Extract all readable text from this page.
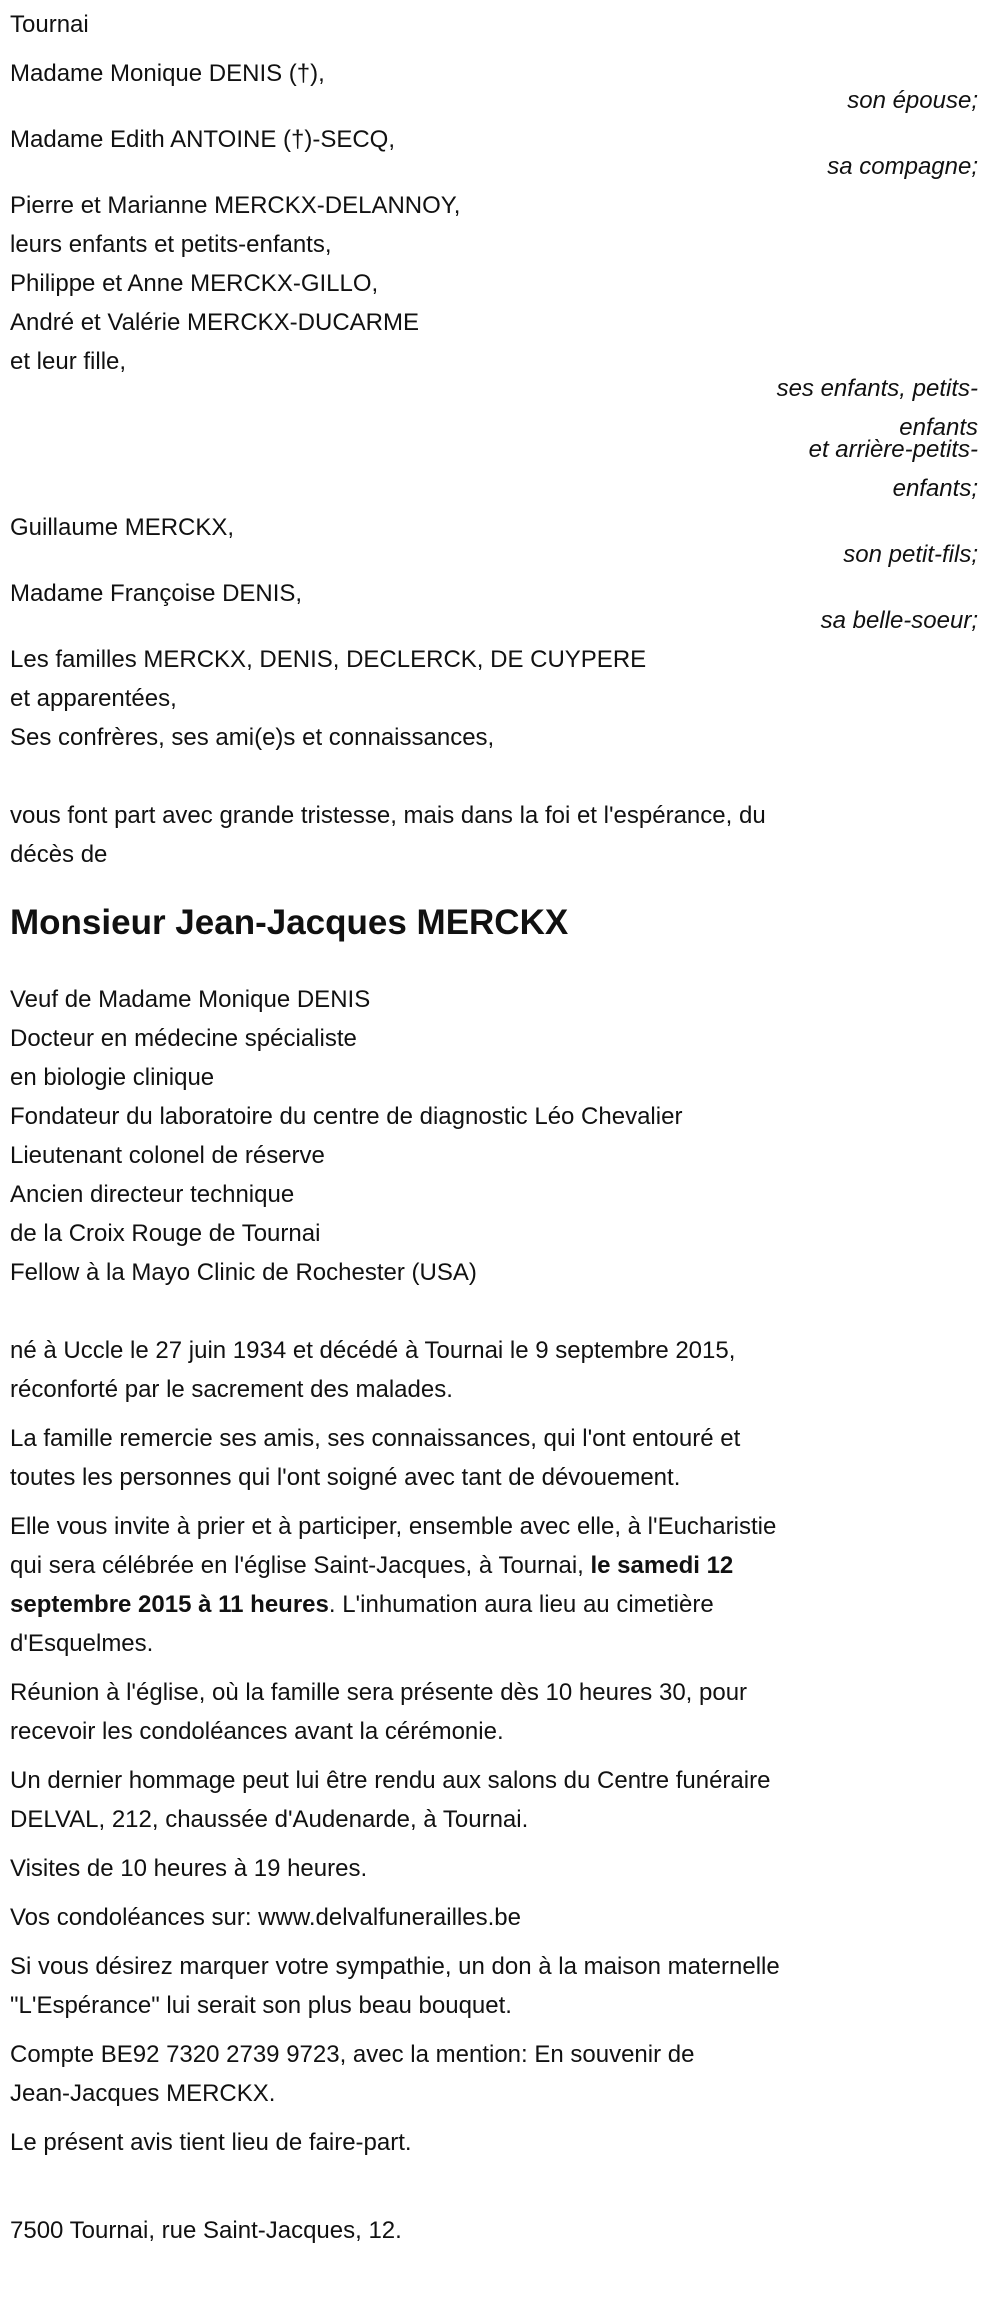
Tournai
Madame Monique DENIS (†),
son épouse;
Madame Edith ANTOINE (†)-SECQ,
sa compagne;
Pierre et Marianne MERCKX-DELANNOY,
leurs enfants et petits-enfants,
Philippe et Anne MERCKX-GILLO,
André et Valérie MERCKX-DUCARME
et leur fille,
ses enfants, petits-
enfants
et arrière-petits-
enfants;
Guillaume MERCKX,
son petit-fils;
Madame Françoise DENIS,
sa belle-soeur;
Les familles MERCKX, DENIS, DECLERCK, DE CUYPERE
et apparentées,
Ses confrères, ses ami(e)s et connaissances,
vous font part avec grande tristesse, mais dans la foi et l'espérance, du
décès de
Monsieur Jean-Jacques MERCKX
Veuf de Madame Monique DENIS
Docteur en médecine spécialiste
en biologie clinique
Fondateur du laboratoire du centre de diagnostic Léo Chevalier
Lieutenant colonel de réserve
Ancien directeur technique
de la Croix Rouge de Tournai
Fellow à la Mayo Clinic de Rochester (USA)
né à Uccle le 27 juin 1934 et décédé à Tournai le 9 septembre 2015,
réconforté par le sacrement des malades.
La famille remercie ses amis, ses connaissances, qui l'ont entouré et
toutes les personnes qui l'ont soigné avec tant de dévouement.
Elle vous invite à prier et à participer, ensemble avec elle, à l'Eucharistie
qui sera célébrée en l'église Saint-Jacques, à Tournai, le samedi 12
septembre 2015 à 11 heures. L'inhumation aura lieu au cimetière
d'Esquelmes.
Réunion à l'église, où la famille sera présente dès 10 heures 30, pour
recevoir les condoléances avant la cérémonie.
Un dernier hommage peut lui être rendu aux salons du Centre funéraire
DELVAL, 212, chaussée d'Audenarde, à Tournai.
Visites de 10 heures à 19 heures.
Vos condoléances sur: www.delvalfunerailles.be
Si vous désirez marquer votre sympathie, un don à la maison maternelle
"L'Espérance" lui serait son plus beau bouquet.
Compte BE92 7320 2739 9723, avec la mention: En souvenir de
Jean-Jacques MERCKX.
Le présent avis tient lieu de faire-part.
7500 Tournai, rue Saint-Jacques, 12.
